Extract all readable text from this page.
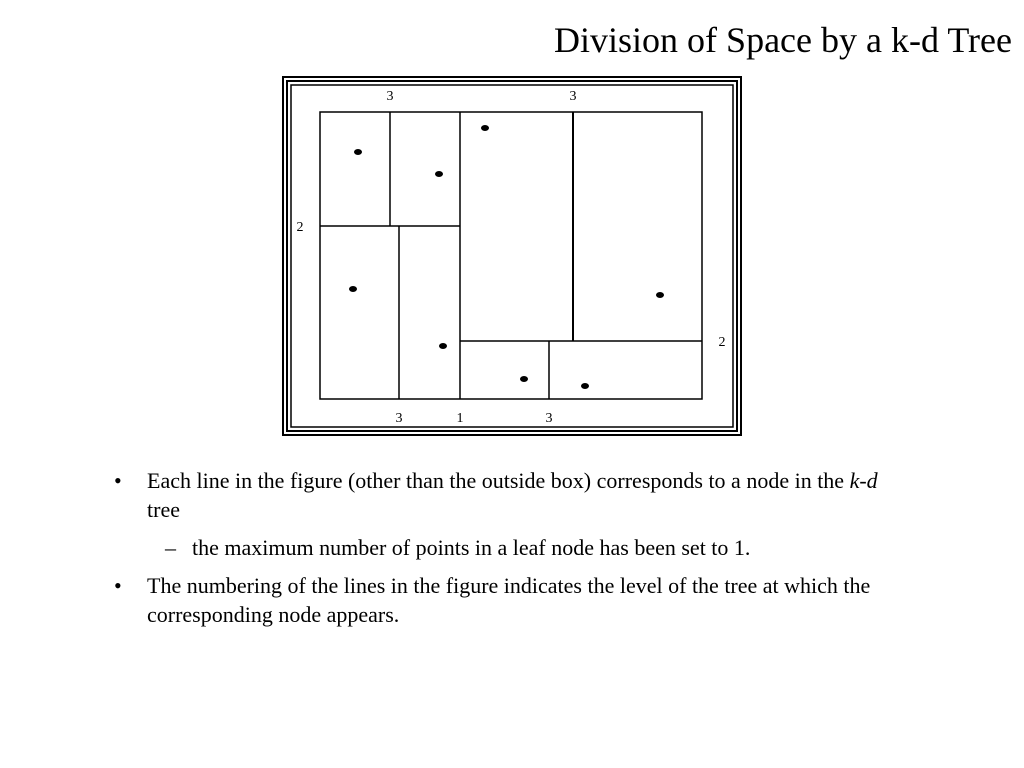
Division of Space by a k-d Tree
3	3
2
2
3	1	3
• Each line in the figure (other than the outside box) corresponds to a node in the k-d tree
– the maximum number of points in a leaf node has been set to 1.
• The numbering of the lines in the figure indicates the level of the tree at which the corresponding node appears.
